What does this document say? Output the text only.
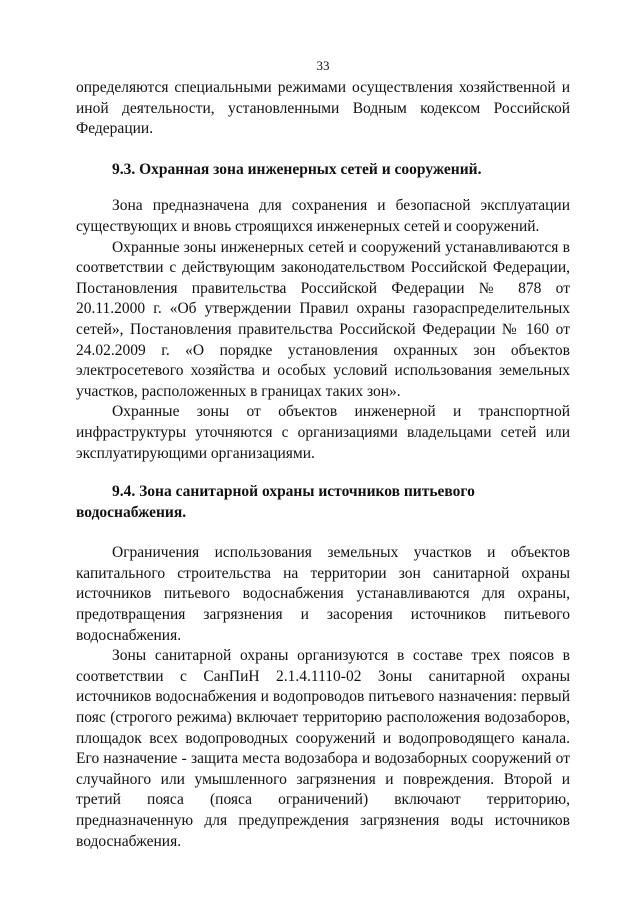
33

определяются специальными режимами осуществления хозяйственной и иной деятельности, установленными Водным кодексом Российской Федерации.

9.3. Охранная зона инженерных сетей и сооружений.

Зона предназначена для сохранения и безопасной эксплуатации существующих и вновь строящихся инженерных сетей и сооружений.

Охранные зоны инженерных сетей и сооружений устанавливаются в соответствии с действующим законодательством Российской Федерации, Постановления правительства Российской Федерации № 878 от 20.11.2000 г. «Об утверждении Правил охраны газораспределительных сетей», Постановления правительства Российской Федерации № 160 от 24.02.2009 г. «О порядке установления охранных зон объектов электросетевого хозяйства и особых условий использования земельных участков, расположенных в границах таких зон».

Охранные зоны от объектов инженерной и транспортной инфраструктуры уточняются с организациями владельцами сетей или эксплуатирующими организациями.

9.4. Зона санитарной охраны источников питьевого водоснабжения.

Ограничения использования земельных участков и объектов капитального строительства на территории зон санитарной охраны источников питьевого водоснабжения устанавливаются для охраны, предотвращения загрязнения и засорения источников питьевого водоснабжения.

Зоны санитарной охраны организуются в составе трех поясов в соответствии с СанПиН 2.1.4.1110-02 Зоны санитарной охраны источников водоснабжения и водопроводов питьевого назначения: первый пояс (строгого режима) включает территорию расположения водозаборов, площадок всех водопроводных сооружений и водопроводящего канала. Его назначение - защита места водозабора и водозаборных сооружений от случайного или умышленного загрязнения и повреждения. Второй и третий пояса (пояса ограничений) включают территорию, предназначенную для предупреждения загрязнения воды источников водоснабжения.
